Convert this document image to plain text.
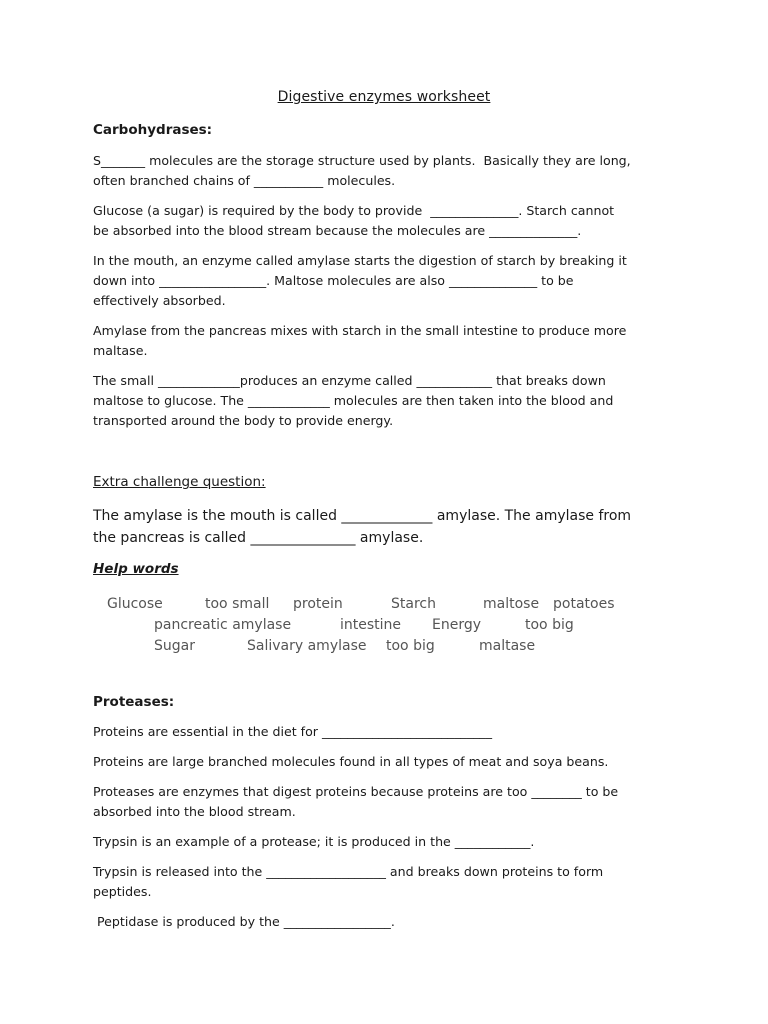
Digestive enzymes worksheet
Carbohydrases:
S_______ molecules are the storage structure used by plants.  Basically they are long,
often branched chains of ___________ molecules.
Glucose (a sugar) is required by the body to provide  ______________. Starch cannot
be absorbed into the blood stream because the molecules are ______________.
In the mouth, an enzyme called amylase starts the digestion of starch by breaking it
down into _________________. Maltose molecules are also ______________ to be
effectively absorbed.
Amylase from the pancreas mixes with starch in the small intestine to produce more
maltase.
The small _____________produces an enzyme called ____________ that breaks down
maltose to glucose. The _____________ molecules are then taken into the blood and
transported around the body to provide energy.
Extra challenge question:
The amylase is the mouth is called _____________ amylase. The amylase from
the pancreas is called _______________ amylase.
Help words
Glucose	too small protein	Starch	maltose potatoes
pancreatic amylase	intestine Energy	too big
Sugar	Salivary amylase too big	maltase
Proteases:
Proteins are essential in the diet for ___________________________
Proteins are large branched molecules found in all types of meat and soya beans.
Proteases are enzymes that digest proteins because proteins are too ________ to be
absorbed into the blood stream.
Trypsin is an example of a protease; it is produced in the ____________.
Trypsin is released into the ___________________ and breaks down proteins to form
peptides.
Peptidase is produced by the _________________.
